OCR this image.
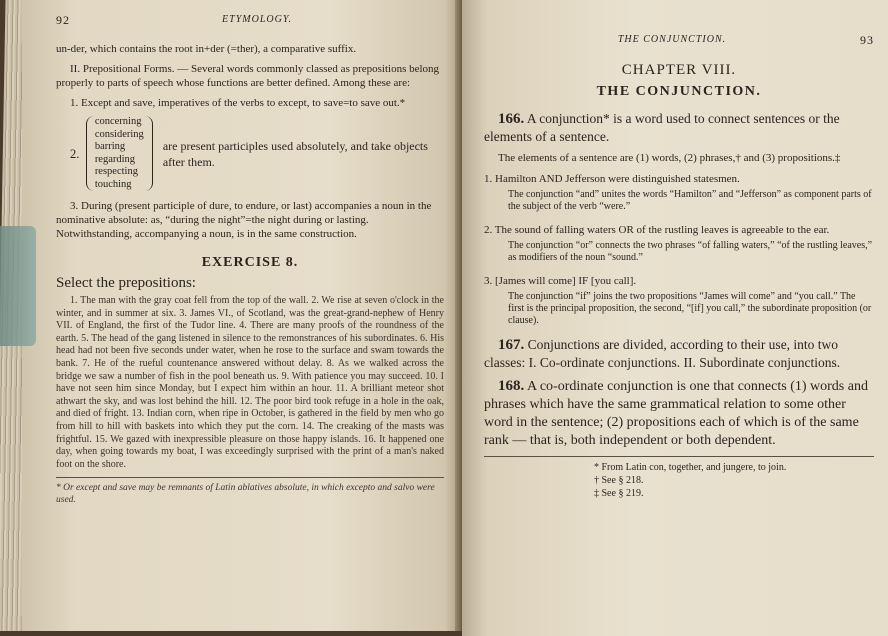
92	ETYMOLOGY.

un-der, which contains the root in+der (=ther), a comparative suffix.

II. Prepositional Forms. — Several words commonly classed as prepositions belong properly to parts of speech whose functions are better defined. Among these are:

1. Except and save, imperatives of the verbs to except, to save=to save out.*

2.
concerning
considering
barring
regarding
respecting
touching
are present participles used absolutely, and take objects after them.

3. During (present participle of dure, to endure, or last) accompanies a noun in the nominative absolute: as, “during the night”=the night during or lasting. Notwithstanding, accompanying a noun, is in the same construction.

EXERCISE 8.
Select the prepositions:
1. The man with the gray coat fell from the top of the wall. 2. We rise at seven o'clock in the winter, and in summer at six. 3. James VI., of Scotland, was the great-grand-nephew of Henry VII. of England, the first of the Tudor line. 4. There are many proofs of the roundness of the earth. 5. The head of the gang listened in silence to the remonstrances of his subordinates. 6. His head had not been five seconds under water, when he rose to the surface and swam towards the bank. 7. He of the rueful countenance answered without delay. 8. As we walked across the bridge we saw a number of fish in the pool beneath us. 9. With patience you may succeed. 10. I have not seen him since Monday, but I expect him within an hour. 11. A brilliant meteor shot athwart the sky, and was lost behind the hill. 12. The poor bird took refuge in a hole in the oak, and died of fright. 13. Indian corn, when ripe in October, is gathered in the field by men who go from hill to hill with baskets into which they put the corn. 14. The creaking of the masts was frightful. 15. We gazed with inexpressible pleasure on those happy islands. 16. It happened one day, when going towards my boat, I was exceedingly surprised with the print of a man's naked foot on the shore.
* Or except and save may be remnants of Latin ablatives absolute, in which excepto and salvo were used.
THE CONJUNCTION.	93
CHAPTER VIII.
THE CONJUNCTION.

166. A conjunction* is a word used to connect sentences or the elements of a sentence.

The elements of a sentence are (1) words, (2) phrases,† and (3) propositions.‡

1. Hamilton AND Jefferson were distinguished statesmen.
The conjunction “and” unites the words “Hamilton” and “Jefferson” as component parts of the subject of the verb “were.”
2. The sound of falling waters OR of the rustling leaves is agreeable to the ear.
The conjunction “or” connects the two phrases “of falling waters,” “of the rustling leaves,” as modifiers of the noun “sound.”
3. [James will come] IF [you call].
The conjunction “if” joins the two propositions “James will come” and “you call.” The first is the principal proposition, the second, “[if] you call,” the subordinate proposition (or clause).

167. Conjunctions are divided, according to their use, into two classes: I. Co-ordinate conjunctions. II. Subordinate conjunctions.

168. A co-ordinate conjunction is one that connects (1) words and phrases which have the same grammatical relation to some other word in the sentence; (2) propositions each of which is of the same rank — that is, both independent or both dependent.

* From Latin con, together, and jungere, to join.
† See § 218.
‡ See § 219.
